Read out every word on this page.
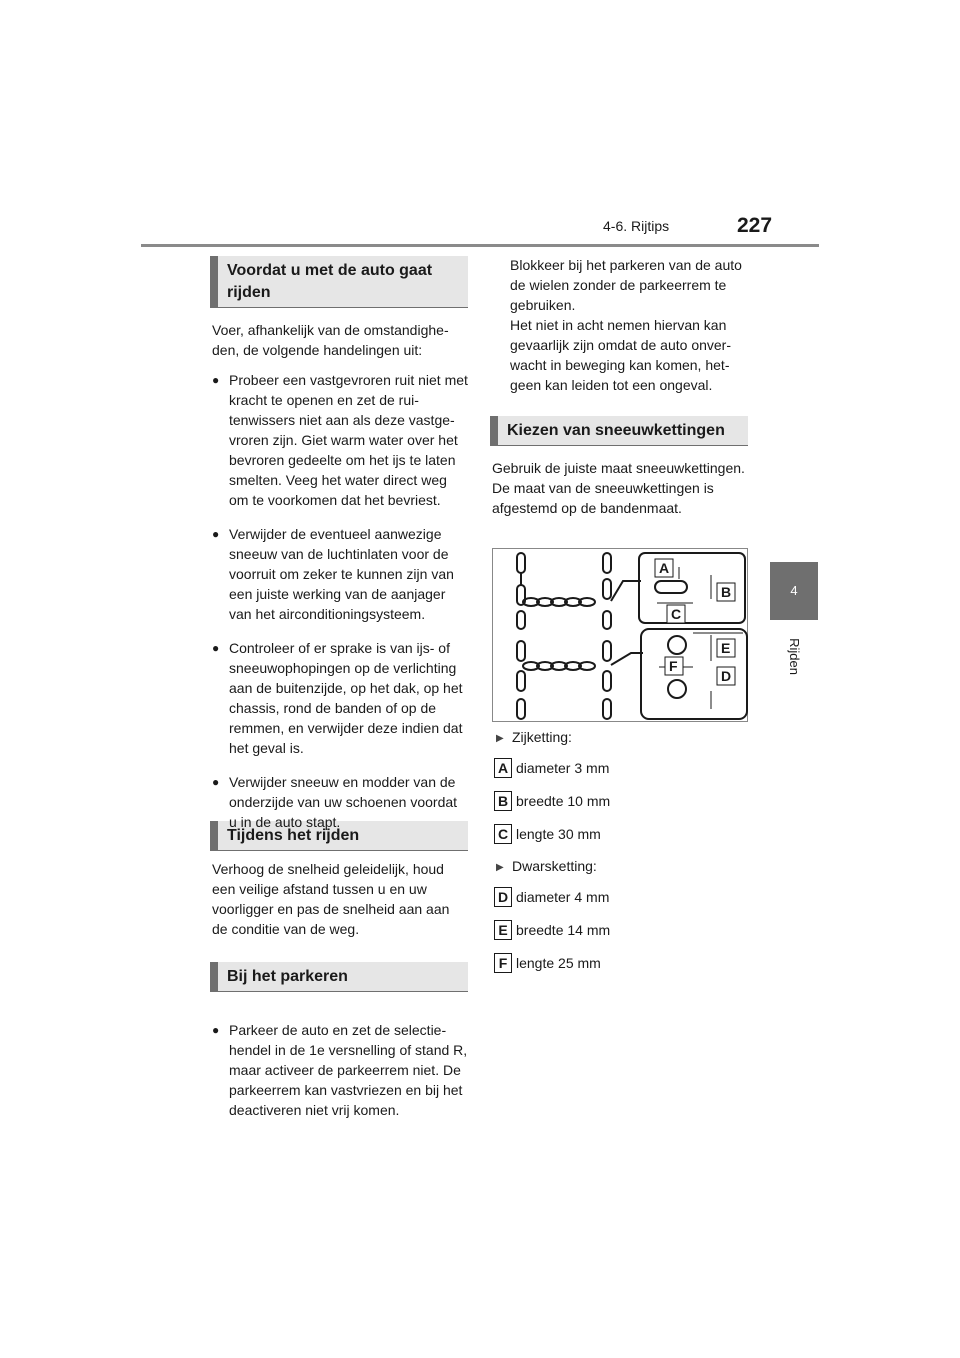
4-6. Rijtips	227
4
Rijden
Voordat u met de auto gaat rijden
Tijdens het rijden
Bij het parkeren

Voer, afhankelijk van de omstandigheden, de volgende handelingen uit:

● Probeer een vastgevroren ruit niet met kracht te openen en zet de ruitenwissers niet aan als deze vastgevroren zijn. Giet warm water over het bevroren gedeelte om het ijs te laten smelten. Veeg het water direct weg om te voorkomen dat het bevriest.
● Verwijder de eventueel aanwezige sneeuw van de luchtinlaten voor de voorruit om zeker te kunnen zijn van een juiste werking van de aanjager van het airconditioningsysteem.
● Controleer of er sprake is van ijs- of sneeuwophopingen op de verlichting aan de buitenzijde, op het dak, op het chassis, rond de banden of op de remmen, en verwijder deze indien dat het geval is.
● Verwijder sneeuw en modder van de onderzijde van uw schoenen voordat u in de auto stapt.

Verhoog de snelheid geleidelijk, houd een veilige afstand tussen u en uw voorligger en pas de snelheid aan aan de conditie van de weg.

● Parkeer de auto en zet de selectiehendel in de 1e versnelling of stand R, maar activeer de parkeerrem niet. De parkeerrem kan vastvriezen en bij het deactiveren niet vrij komen.
Blokkeer bij het parkeren van de auto de wielen zonder de parkeerrem te gebruiken.
Het niet in acht nemen hiervan kan gevaarlijk zijn omdat de auto onverwacht in beweging kan komen, hetgeen kan leiden tot een ongeval.
Kiezen van sneeuwkettingen
Gebruik de juiste maat sneeuwkettingen.
De maat van de sneeuwkettingen is afgestemd op de bandenmaat.
A
B
C
E
F
D
▶ Zijketting:
A diameter 3 mm
B breedte 10 mm
C lengte 30 mm
▶ Dwarsketting:
D diameter 4 mm
E breedte 14 mm
F lengte 25 mm
